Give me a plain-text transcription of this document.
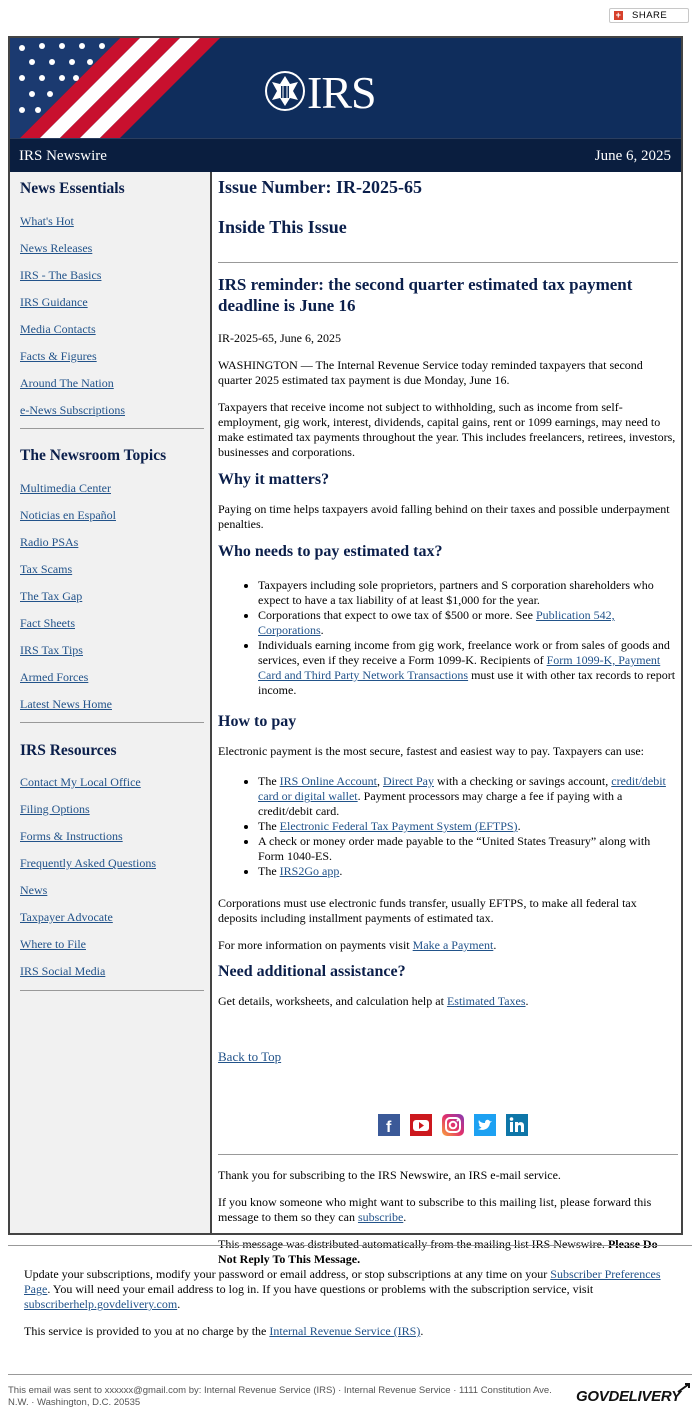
+ SHARE
IRS
IRS Newswire	June 6, 2025
News Essentials
What's Hot
News Releases
IRS - The Basics
IRS Guidance
Media Contacts
Facts & Figures
Around The Nation
e-News Subscriptions
The Newsroom Topics
Multimedia Center
Noticias en Español
Radio PSAs
Tax Scams
The Tax Gap
Fact Sheets
IRS Tax Tips
Armed Forces
Latest News Home
IRS Resources
Contact My Local Office
Filing Options
Forms & Instructions
Frequently Asked Questions
News
Taxpayer Advocate
Where to File
IRS Social Media
Issue Number: IR-2025-65
Inside This Issue
IRS reminder: the second quarter estimated tax payment deadline is June 16
IR-2025-65, June 6, 2025
WASHINGTON — The Internal Revenue Service today reminded taxpayers that second quarter 2025 estimated tax payment is due Monday, June 16.
Taxpayers that receive income not subject to withholding, such as income from self-employment, gig work, interest, dividends, capital gains, rent or 1099 earnings, may need to make estimated tax payments throughout the year. This includes freelancers, retirees, investors, businesses and corporations.
Why it matters?
Paying on time helps taxpayers avoid falling behind on their taxes and possible underpayment penalties.
Who needs to pay estimated tax?
• Taxpayers including sole proprietors, partners and S corporation shareholders who expect to have a tax liability of at least $1,000 for the year.
• Corporations that expect to owe tax of $500 or more. See Publication 542, Corporations.
• Individuals earning income from gig work, freelance work or from sales of goods and services, even if they receive a Form 1099-K. Recipients of Form 1099-K, Payment Card and Third Party Network Transactions must use it with other tax records to report income.
How to pay
Electronic payment is the most secure, fastest and easiest way to pay. Taxpayers can use:
• The IRS Online Account, Direct Pay with a checking or savings account, credit/debit card or digital wallet. Payment processors may charge a fee if paying with a credit/debit card.
• The Electronic Federal Tax Payment System (EFTPS).
• A check or money order made payable to the “United States Treasury” along with Form 1040-ES.
• The IRS2Go app.
Corporations must use electronic funds transfer, usually EFTPS, to make all federal tax deposits including installment payments of estimated tax.
For more information on payments visit Make a Payment.
Need additional assistance?
Get details, worksheets, and calculation help at Estimated Taxes.
Back to Top
f

Thank you for subscribing to the IRS Newswire, an IRS e-mail service.
If you know someone who might want to subscribe to this mailing list, please forward this message to them so they can subscribe.
This message was distributed automatically from the mailing list IRS Newswire. Please Do Not Reply To This Message.
Update your subscriptions, modify your password or email address, or stop subscriptions at any time on your Subscriber Preferences Page. You will need your email address to log in. If you have questions or problems with the subscription service, visit subscriberhelp.govdelivery.com.
This service is provided to you at no charge by the Internal Revenue Service (IRS).
This email was sent to xxxxxx@gmail.com by: Internal Revenue Service (IRS) · Internal Revenue Service · 1111 Constitution Ave. N.W. · Washington, D.C. 20535	GOVDELIVERY
